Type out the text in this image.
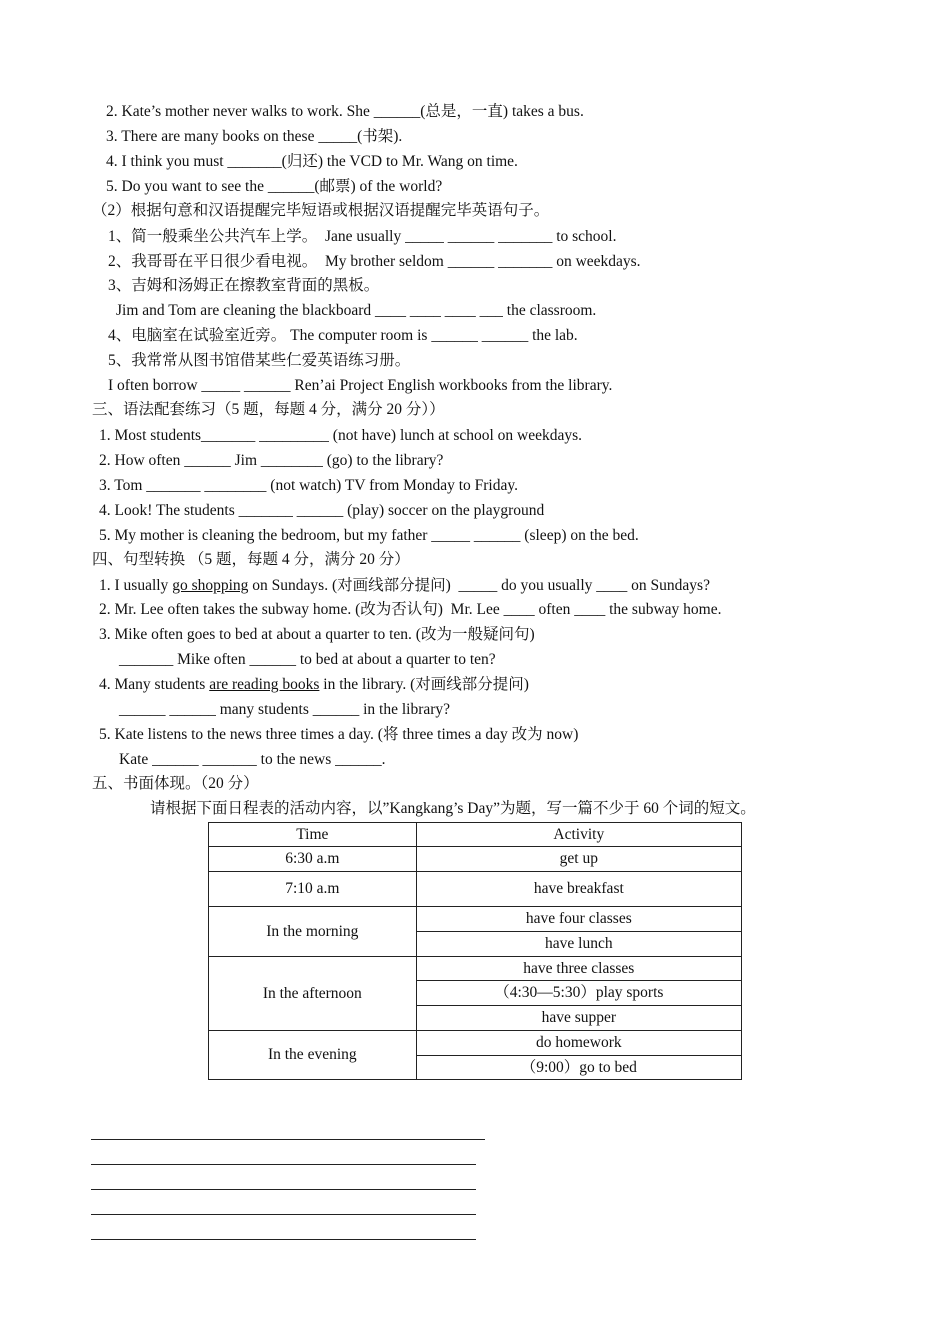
2. Kate’s mother never walks to work. She ______(总是，一直) takes a bus.
3. There are many books on these _____(书架).
4. I think you must _______(归还) the VCD to Mr. Wang on time.
5. Do you want to see the ______(邮票) of the world?
（2）根据句意和汉语提醒完毕短语或根据汉语提醒完毕英语句子。
1、简一般乘坐公共汽车上学。  Jane usually _____ ______ _______ to school.
2、我哥哥在平日很少看电视。  My brother seldom ______ _______ on weekdays.
3、吉姆和汤姆正在擦教室背面的黑板。
Jim and Tom are cleaning the blackboard ____ ____ ____ ___ the classroom.
4、电脑室在试验室近旁。 The computer room is ______ ______ the lab.
5、我常常从图书馆借某些仁爱英语练习册。
I often borrow _____ ______ Ren’ai Project English workbooks from the library.
三、语法配套练习（5 题，每题 4 分，满分 20 分））
1. Most students_______ _________ (not have) lunch at school on weekdays.
2. How often ______ Jim ________ (go) to the library?
3. Tom _______ ________ (not watch) TV from Monday to Friday.
4. Look! The students _______ ______ (play) soccer on the playground
5. My mother is cleaning the bedroom, but my father _____ ______ (sleep) on the bed.
四、句型转换 （5 题，每题 4 分，满分 20 分）
1. I usually go shopping on Sundays. (对画线部分提问)  _____ do you usually ____ on Sundays?
2. Mr. Lee often takes the subway home. (改为否认句)  Mr. Lee ____ often ____ the subway home.
3. Mike often goes to bed at about a quarter to ten. (改为一般疑问句)
_______ Mike often ______ to bed at about a quarter to ten?
4. Many students are reading books in the library. (对画线部分提问)
______ ______ many students ______ in the library?
5. Kate listens to the news three times a day. (将 three times a day 改为 now)
Kate ______ _______ to the news ______.
五、书面体现。（20 分）
请根据下面日程表的活动内容，以”Kangkang’s Day”为题，写一篇不少于 60 个词的短文。
Time	Activity
6:30 a.m	get up
7:10 a.m	have breakfast
In the morning	have four classes
	have lunch
In the afternoon	have three classes
	（4:30—5:30）play sports
	have supper
In the evening	do homework
	（9:00）go to bed
